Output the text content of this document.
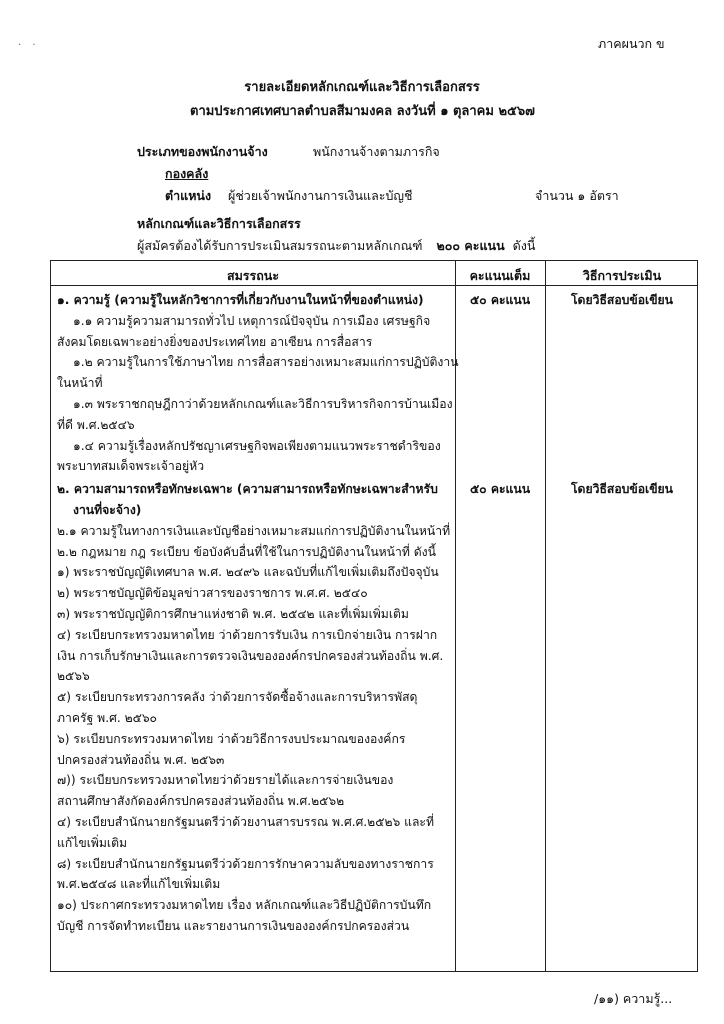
· ·	ภาคผนวก ข
รายละเอียดหลักเกณฑ์และวิธีการเลือกสรร
ตามประกาศเทศบาลตำบลสีมามงคล ลงวันที่ ๑ ตุลาคม ๒๕๖๗
ประเภทของพนักงานจ้าง	พนักงานจ้างตามภารกิจ
กองคลัง
ตำแหน่ง ผู้ช่วยเจ้าพนักงานการเงินและบัญชี	จำนวน ๑ อัตรา
หลักเกณฑ์และวิธีการเลือกสรร
ผู้สมัครต้องได้รับการประเมินสมรรถนะตามหลักเกณฑ์ ๒๐๐ คะแนน ดังนี้
สมรรถนะ	คะแนนเต็ม	วิธีการประเมิน
๑. ความรู้ (ความรู้ในหลักวิชาการที่เกี่ยวกับงานในหน้าที่ของตำแหน่ง)
๑.๑ ความรู้ความสามารถทั่วไป เหตุการณ์ปัจจุบัน การเมือง เศรษฐกิจ
สังคมโดยเฉพาะอย่างยิ่งของประเทศไทย อาเซียน การสื่อสาร
๑.๒ ความรู้ในการใช้ภาษาไทย การสื่อสารอย่างเหมาะสมแก่การปฏิบัติงาน
ในหน้าที่
๑.๓ พระราชกฤษฎีกาว่าด้วยหลักเกณฑ์และวิธีการบริหารกิจการบ้านเมือง
ที่ดี พ.ศ.๒๕๔๖
๑.๔ ความรู้เรื่องหลักปรัชญาเศรษฐกิจพอเพียงตามแนวพระราชดำริของ
พระบาทสมเด็จพระเจ้าอยู่หัว
๕๐ คะแนน	โดยวิธีสอบข้อเขียน
๒. ความสามารถหรือทักษะเฉพาะ (ความสามารถหรือทักษะเฉพาะสำหรับ
งานที่จะจ้าง)
๒.๑ ความรู้ในทางการเงินและบัญชีอย่างเหมาะสมแก่การปฏิบัติงานในหน้าที่
๒.๒ กฎหมาย กฎ ระเบียบ ข้อบังคับอื่นที่ใช้ในการปฏิบัติงานในหน้าที่ ดังนี้
๑) พระราชบัญญัติเทศบาล พ.ศ. ๒๔๙๖ และฉบับที่แก้ไขเพิ่มเติมถึงปัจจุบัน
๒) พระราชบัญญัติข้อมูลข่าวสารของราชการ พ.ศ.ศ. ๒๕๔๐
๓) พระราชบัญญัติการศึกษาแห่งชาติ พ.ศ. ๒๕๔๒ และที่เพิ่มเพิ่มเติม
๔) ระเบียบกระทรวงมหาดไทย ว่าด้วยการรับเงิน การเบิกจ่ายเงิน การฝาก
เงิน การเก็บรักษาเงินและการตรวจเงินขององค์กรปกครองส่วนท้องถิ่น พ.ศ.
๒๕๖๖
๕) ระเบียบกระทรวงการคลัง ว่าด้วยการจัดซื้อจ้างและการบริหารพัสดุ
ภาครัฐ พ.ศ. ๒๕๖๐
๖) ระเบียบกระทรวงมหาดไทย ว่าด้วยวิธีการงบประมาณขององค์กร
ปกครองส่วนท้องถิ่น พ.ศ. ๒๕๖๓
๗)) ระเบียบกระทรวงมหาดไทยว่าด้วยรายได้และการจ่ายเงินของ
สถานศึกษาสังกัดองค์กรปกครองส่วนท้องถิ่น พ.ศ.๒๕๖๒
๔) ระเบียบสำนักนายกรัฐมนตรีว่าด้วยงานสารบรรณ พ.ศ.ศ.๒๕๒๖ และที่
แก้ไขเพิ่มเติม
๘) ระเบียบสำนักนายกรัฐมนตรีว่วด้วยการรักษาความลับของทางราชการ
พ.ศ.๒๕๔๘ และที่แก้ไขเพิ่มเติม
๑๐) ประกาศกระทรวงมหาดไทย เรื่อง หลักเกณฑ์และวิธีปฏิบัติการบันทึก
บัญชี การจัดทำทะเบียน และรายงานการเงินขององค์กรปกครองส่วน
๕๐ คะแนน	โดยวิธีสอบข้อเขียน
/๑๑) ความรู้...
